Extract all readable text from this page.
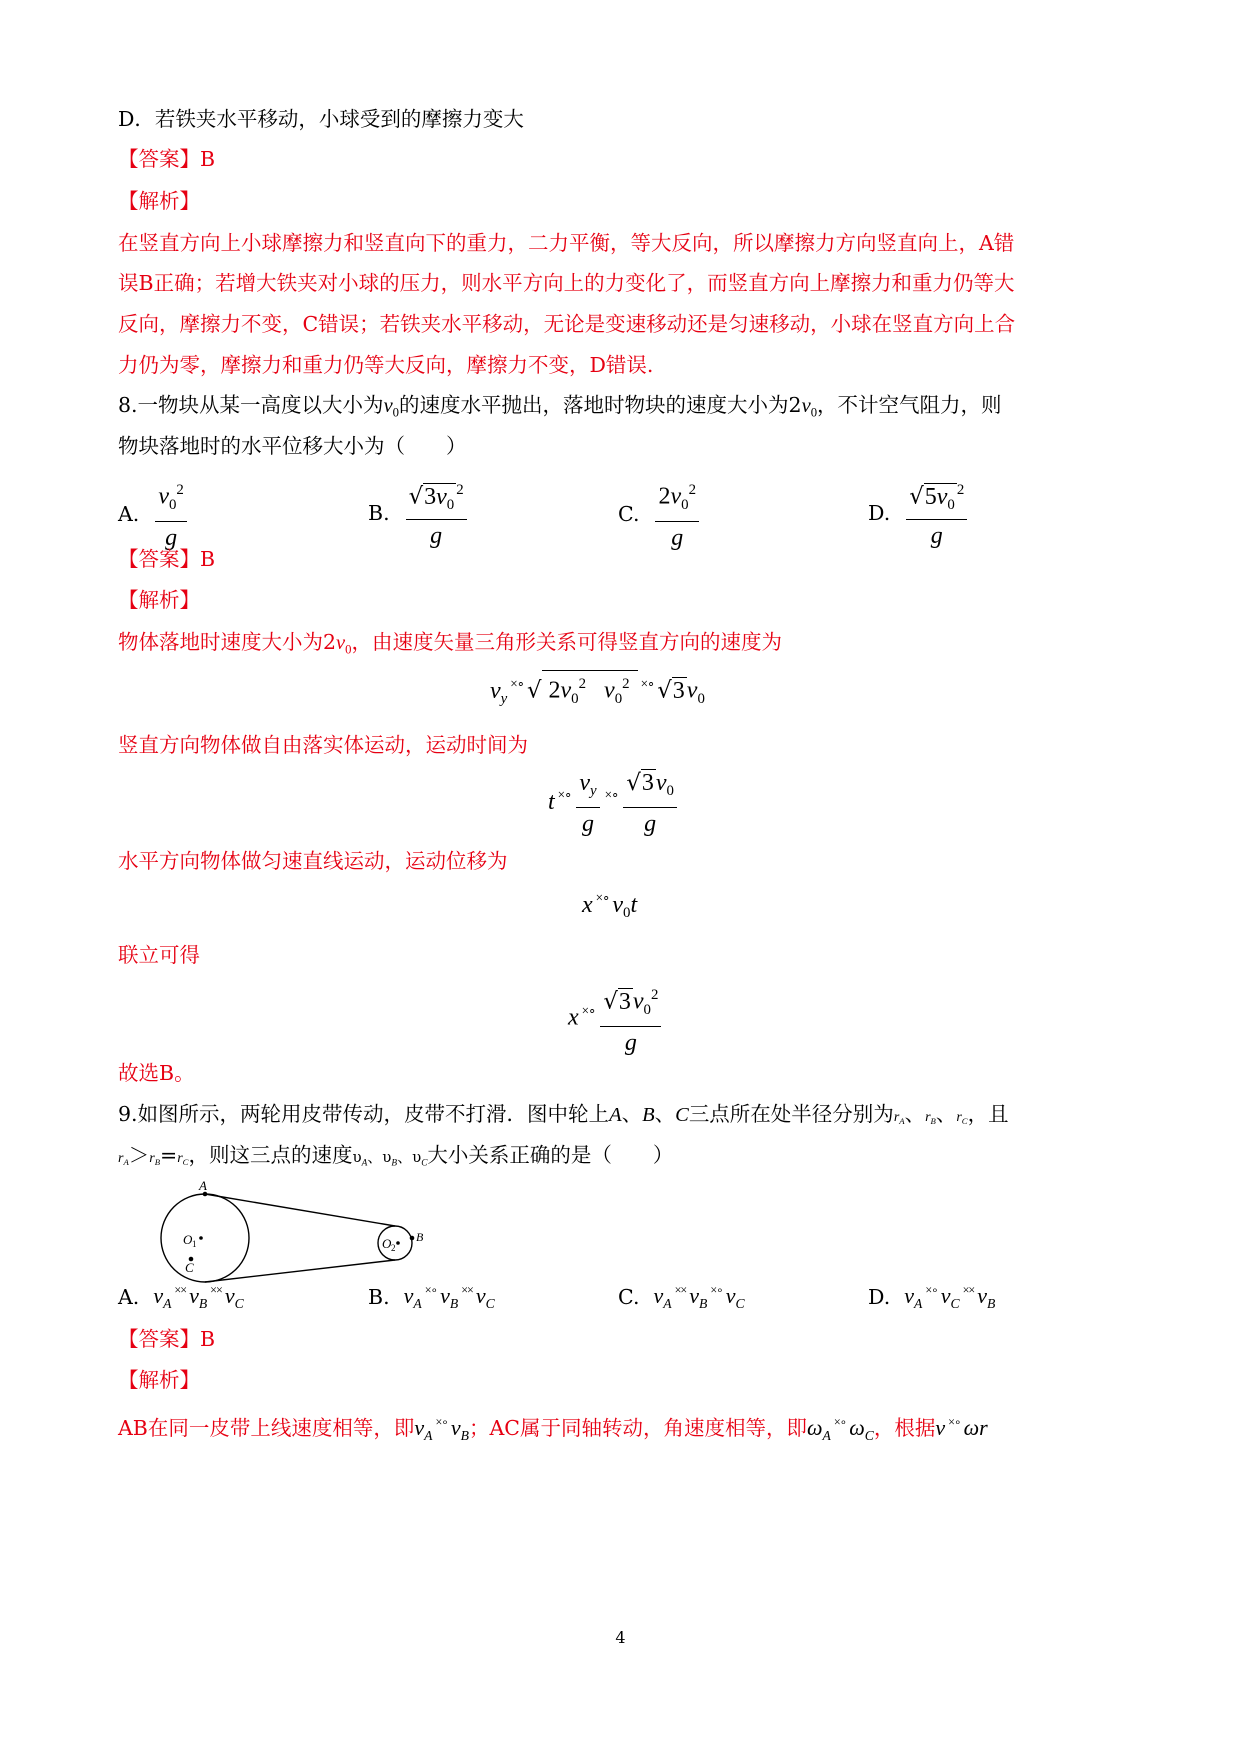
D．若铁夹水平移动，小球受到的摩擦力变大
【答案】B
【解析】
在竖直方向上小球摩擦力和竖直向下的重力，二力平衡，等大反向，所以摩擦力方向竖直向上，A错
误B正确；若增大铁夹对小球的压力，则水平方向上的力变化了，而竖直方向上摩擦力和重力仍等大
反向，摩擦力不变，C错误；若铁夹水平移动，无论是变速移动还是匀速移动，小球在竖直方向上合
力仍为零，摩擦力和重力仍等大反向，摩擦力不变，D错误.
8.一物块从某一高度以大小为$v_0$的速度水平抛出，落地时物块的速度大小为$2v_0$，不计空气阻力，则
物块落地时的水平位移大小为（　　）
A. $\frac{v_0^2}{g}$	B. $\frac{√3v_0^2}{g}$	C. $\frac{2v_0^2}{g}$	D. $\frac{√5v_0^2}{g}$
【答案】B
【解析】
物体落地时速度大小为$2v_0$，由速度矢量三角形关系可得竖直方向的速度为
$v_y^{\times\circ}$ √ $2v_0^2$ $v_0^2$ ×∘ $√3v_0$
竖直方向物体做自由落实体运动，运动时间为
t $^{\times\circ} \frac{v_y}{g} ^{\times\circ} \frac{√3v_0}{g}$
水平方向物体做匀速直线运动，运动位移为
x ×∘ $v_0t$
联立可得
x $^{\times\circ} \frac{√3v_0^2}{g}$
故选B。
9.如图所示，两轮用皮带传动，皮带不打滑．图中轮上A、B、C三点所在处半径分别为$r_A$、$r_B$、$r_C$，且
$r_A>r_B=r_C$，则这三点的速度$\upsilon_A$、$\upsilon_B$、$\upsilon_C$大小关系正确的是（　　）
A
O 1
C
O 2
B
A. $v_A^{\times\times}$ $v_B^{\times\times}$ $v_C$	B. $v_A^{\times\circ}$ $v_B^{\times\times}$ $v_C$	C. $v_A^{\times\times}$ $v_B^{\times\circ}$ $v_C$	D. $v_A^{\times\circ}$ $v_C^{\times\times}$ $v_B$
【答案】B
【解析】
AB在同一皮带上线速度相等，即$v_A^{\times\circ}$ $v_B$；AC属于同轴转动，角速度相等，即$\omega_A^{\times\circ}$ $\omega_C$，根据v ×∘ ωr
4
